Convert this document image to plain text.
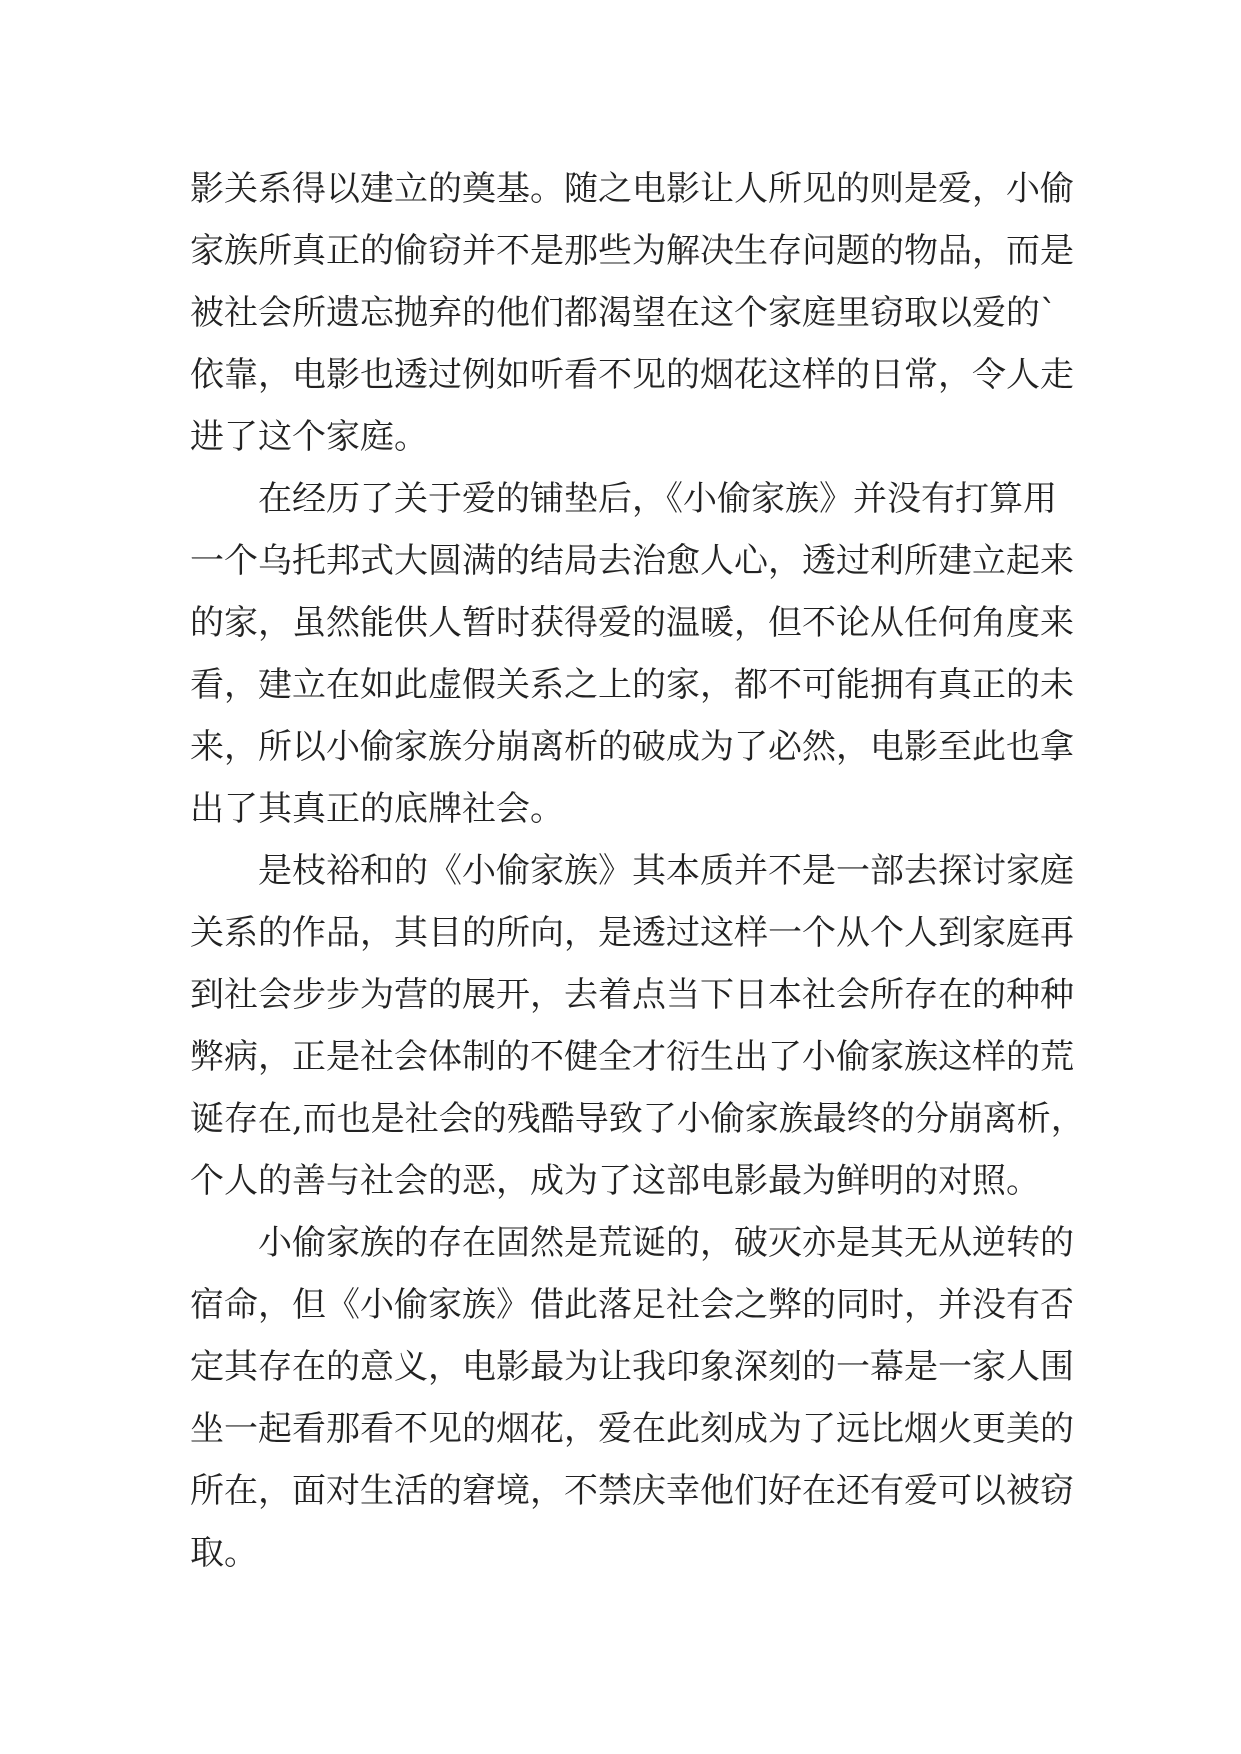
影关系得以建立的奠基。随之电影让人所见的则是爱，小偷
家族所真正的偷窃并不是那些为解决生存问题的物品，而是
被社会所遗忘抛弃的他们都渴望在这个家庭里窃取以爱的`
依靠，电影也透过例如听看不见的烟花这样的日常，令人走
进了这个家庭。
在经历了关于爱的铺垫后，《小偷家族》并没有打算用
一个乌托邦式大圆满的结局去治愈人心，透过利所建立起来
的家，虽然能供人暂时获得爱的温暖，但不论从任何角度来
看，建立在如此虚假关系之上的家，都不可能拥有真正的未
来，所以小偷家族分崩离析的破成为了必然，电影至此也拿
出了其真正的底牌社会。
是枝裕和的《小偷家族》其本质并不是一部去探讨家庭
关系的作品，其目的所向，是透过这样一个从个人到家庭再
到社会步步为营的展开，去着点当下日本社会所存在的种种
弊病，正是社会体制的不健全才衍生出了小偷家族这样的荒
诞存在,而也是社会的残酷导致了小偷家族最终的分崩离析，
个人的善与社会的恶，成为了这部电影最为鲜明的对照。
小偷家族的存在固然是荒诞的，破灭亦是其无从逆转的
宿命，但《小偷家族》借此落足社会之弊的同时，并没有否
定其存在的意义，电影最为让我印象深刻的一幕是一家人围
坐一起看那看不见的烟花，爱在此刻成为了远比烟火更美的
所在，面对生活的窘境，不禁庆幸他们好在还有爱可以被窃
取。
